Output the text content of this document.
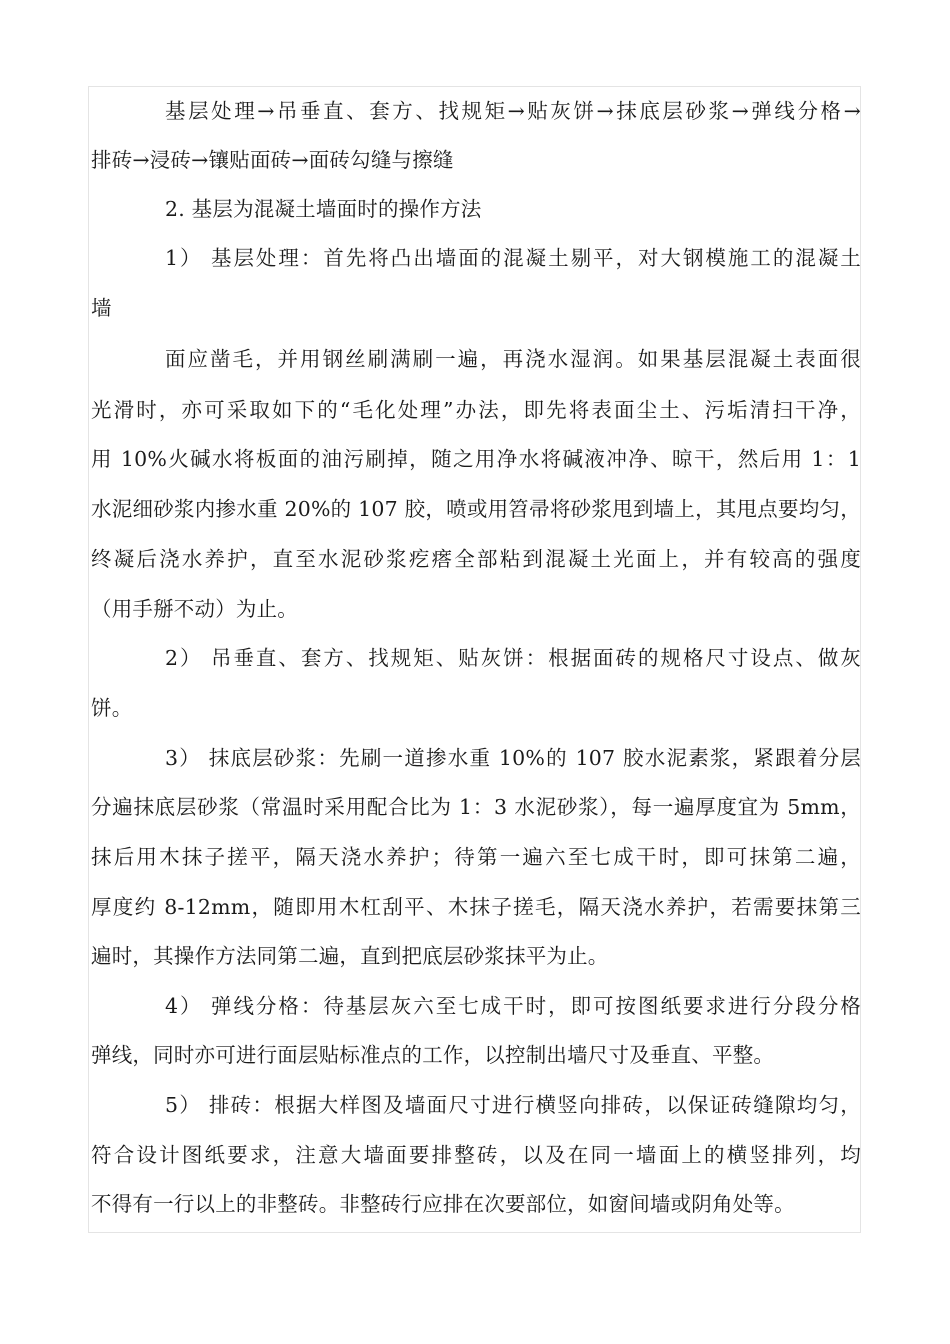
基层处理→吊垂直、套方、找规矩→贴灰饼→抹底层砂浆→弹线分格→
排砖→浸砖→镶贴面砖→面砖勾缝与擦缝
2. 基层为混凝土墙面时的操作方法
1） 基层处理：首先将凸出墙面的混凝土剔平，对大钢模施工的混凝土
墙
面应凿毛，并用钢丝刷满刷一遍，再浇水湿润。如果基层混凝土表面很
光滑时，亦可采取如下的“毛化处理”办法，即先将表面尘土、污垢清扫干净，
用 10%火碱水将板面的油污刷掉，随之用净水将碱液冲净、晾干，然后用 1：1
水泥细砂浆内掺水重 20%的 107 胶，喷或用笤帚将砂浆甩到墙上，其甩点要均匀，
终凝后浇水养护，直至水泥砂浆疙瘩全部粘到混凝土光面上，并有较高的强度
（用手掰不动）为止。
2） 吊垂直、套方、找规矩、贴灰饼：根据面砖的规格尺寸设点、做灰
饼。
3） 抹底层砂浆：先刷一道掺水重 10%的 107 胶水泥素浆，紧跟着分层
分遍抹底层砂浆（常温时采用配合比为 1：3 水泥砂浆），每一遍厚度宜为 5mm，
抹后用木抹子搓平，隔天浇水养护；待第一遍六至七成干时，即可抹第二遍，
厚度约 8-12mm，随即用木杠刮平、木抹子搓毛，隔天浇水养护，若需要抹第三
遍时，其操作方法同第二遍，直到把底层砂浆抹平为止。
4） 弹线分格：待基层灰六至七成干时，即可按图纸要求进行分段分格
弹线，同时亦可进行面层贴标准点的工作，以控制出墙尺寸及垂直、平整。
5） 排砖：根据大样图及墙面尺寸进行横竖向排砖，以保证砖缝隙均匀，
符合设计图纸要求，注意大墙面要排整砖，以及在同一墙面上的横竖排列，均
不得有一行以上的非整砖。非整砖行应排在次要部位，如窗间墙或阴角处等。
